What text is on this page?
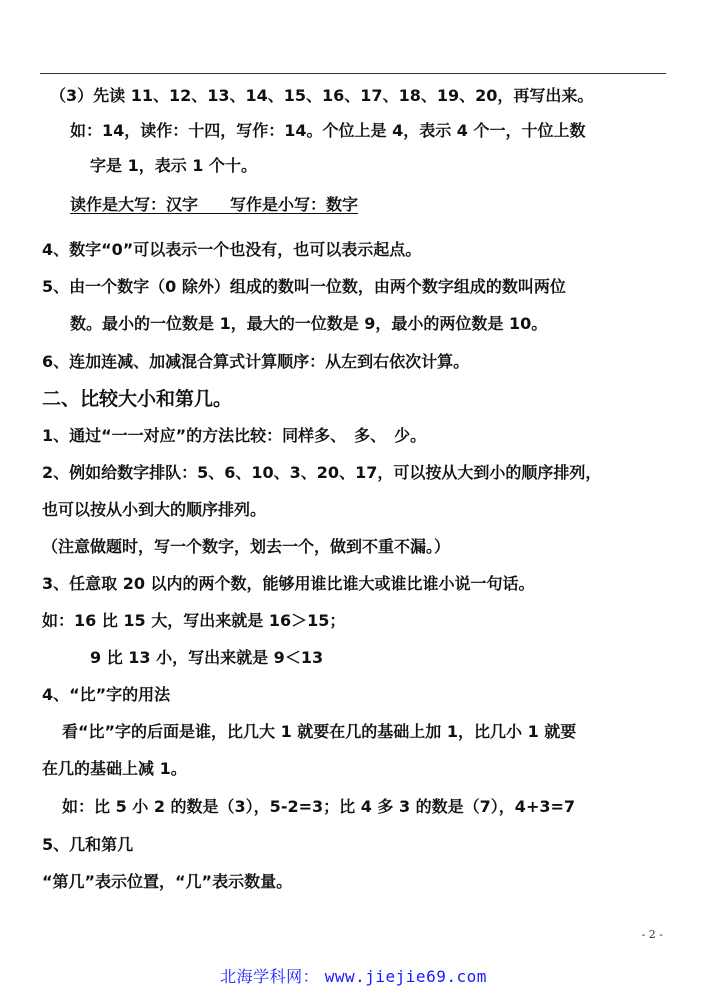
（3）先读 11、12、13、14、15、16、17、18、19、20，再写出来。
如：14，读作：十四，写作：14。个位上是 4，表示 4 个一，十位上数
字是 1，表示 1 个十。
读作是大写：汉字　　写作是小写：数字
4、数字“0”可以表示一个也没有，也可以表示起点。
5、由一个数字（0 除外）组成的数叫一位数，由两个数字组成的数叫两位
数。最小的一位数是 1，最大的一位数是 9，最小的两位数是 10。
6、连加连减、加减混合算式计算顺序：从左到右依次计算。
二、比较大小和第几。
1、通过“一一对应”的方法比较：同样多、　多、　少。
2、例如给数字排队：5、6、10、3、20、17，可以按从大到小的顺序排列，
也可以按从小到大的顺序排列。
（注意做题时，写一个数字，划去一个，做到不重不漏。）
3、任意取 20 以内的两个数，能够用谁比谁大或谁比谁小说一句话。
如：16 比 15 大，写出来就是 16＞15；
9 比 13 小，写出来就是 9＜13
4、“比”字的用法
看“比”字的后面是谁，比几大 1 就要在几的基础上加 1，比几小 1 就要
在几的基础上减 1。
如：比 5 小 2 的数是（3），5-2=3；比 4 多 3 的数是（7），4+3=7
5、几和第几
“第几”表示位置，“几”表示数量。
- 2 -
北海学科网： www.jiejie69.com
